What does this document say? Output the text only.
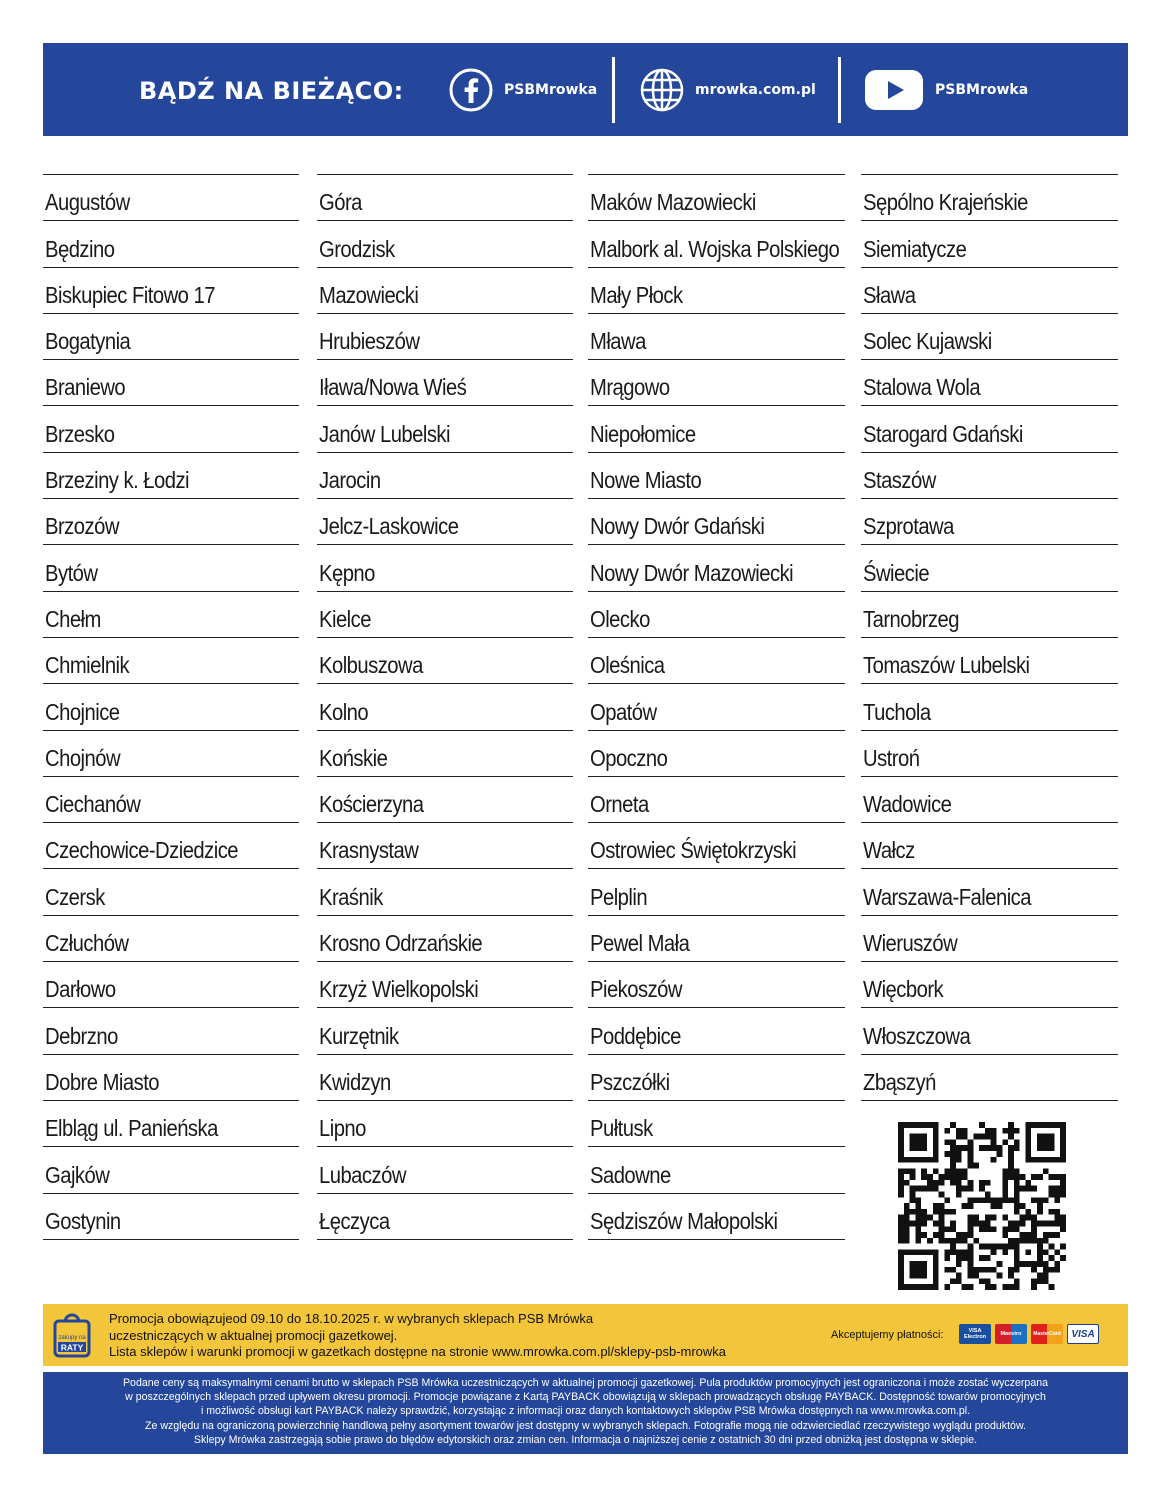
BĄDŹ NA BIEŻĄCO:	PSBMrowka	mrowka.com.pl	PSBMrowka
Augustów
Będzino
Biskupiec Fitowo 17
Bogatynia
Braniewo
Brzesko
Brzeziny k. Łodzi
Brzozów
Bytów
Chełm
Chmielnik
Chojnice
Chojnów
Ciechanów
Czechowice-Dziedzice
Czersk
Człuchów
Darłowo
Debrzno
Dobre Miasto
Elbląg ul. Panieńska
Gajków
Gostynin
Góra
Grodzisk
Mazowiecki
Hrubieszów
Iława/Nowa Wieś
Janów Lubelski
Jarocin
Jelcz-Laskowice
Kępno
Kielce
Kolbuszowa
Kolno
Końskie
Kościerzyna
Krasnystaw
Kraśnik
Krosno Odrzańskie
Krzyż Wielkopolski
Kurzętnik
Kwidzyn
Lipno
Lubaczów
Łęczyca
Maków Mazowiecki
Malbork al. Wojska Polskiego
Mały Płock
Mława
Mrągowo
Niepołomice
Nowe Miasto
Nowy Dwór Gdański
Nowy Dwór Mazowiecki
Olecko
Oleśnica
Opatów
Opoczno
Orneta
Ostrowiec Świętokrzyski
Pelplin
Pewel Mała
Piekoszów
Poddębice
Pszczółki
Pułtusk
Sadowne
Sędziszów Małopolski
Sępólno Krajeńskie
Siemiatycze
Sława
Solec Kujawski
Stalowa Wola
Starogard Gdański
Staszów
Szprotawa
Świecie
Tarnobrzeg
Tomaszów Lubelski
Tuchola
Ustroń
Wadowice
Wałcz
Warszawa-Falenica
Wieruszów
Więcbork
Włoszczowa
Zbąszyń
zakupy na
RATY
Promocja obowiązujeod 09.10 do 18.10.2025 r. w wybranych sklepach PSB Mrówka
uczestniczących w aktualnej promocji gazetkowej.
Lista sklepów i warunki promocji w gazetkach dostępne na stronie www.mrowka.com.pl/sklepy-psb-mrowka
Akceptujemy płatności:	VISA Electron	Maestro	MasterCard	VISA
Podane ceny są maksymalnymi cenami brutto w sklepach PSB Mrówka uczestniczących w aktualnej promocji gazetkowej. Pula produktów promocyjnych jest ograniczona i może zostać wyczerpana
w poszczególnych sklepach przed upływem okresu promocji. Promocje powiązane z Kartą PAYBACK obowiązują w sklepach prowadzących obsługę PAYBACK. Dostępność towarów promocyjnych
i możliwość obsługi kart PAYBACK należy sprawdzić, korzystając z informacji oraz danych kontaktowych sklepów PSB Mrówka dostępnych na www.mrowka.com.pl.
Ze względu na ograniczoną powierzchnię handlową pełny asortyment towarów jest dostępny w wybranych sklepach. Fotografie mogą nie odzwierciedlać rzeczywistego wyglądu produktów.
Sklepy Mrówka zastrzegają sobie prawo do błędów edytorskich oraz zmian cen. Informacja o najniższej cenie z ostatnich 30 dni przed obniżką jest dostępna w sklepie.
